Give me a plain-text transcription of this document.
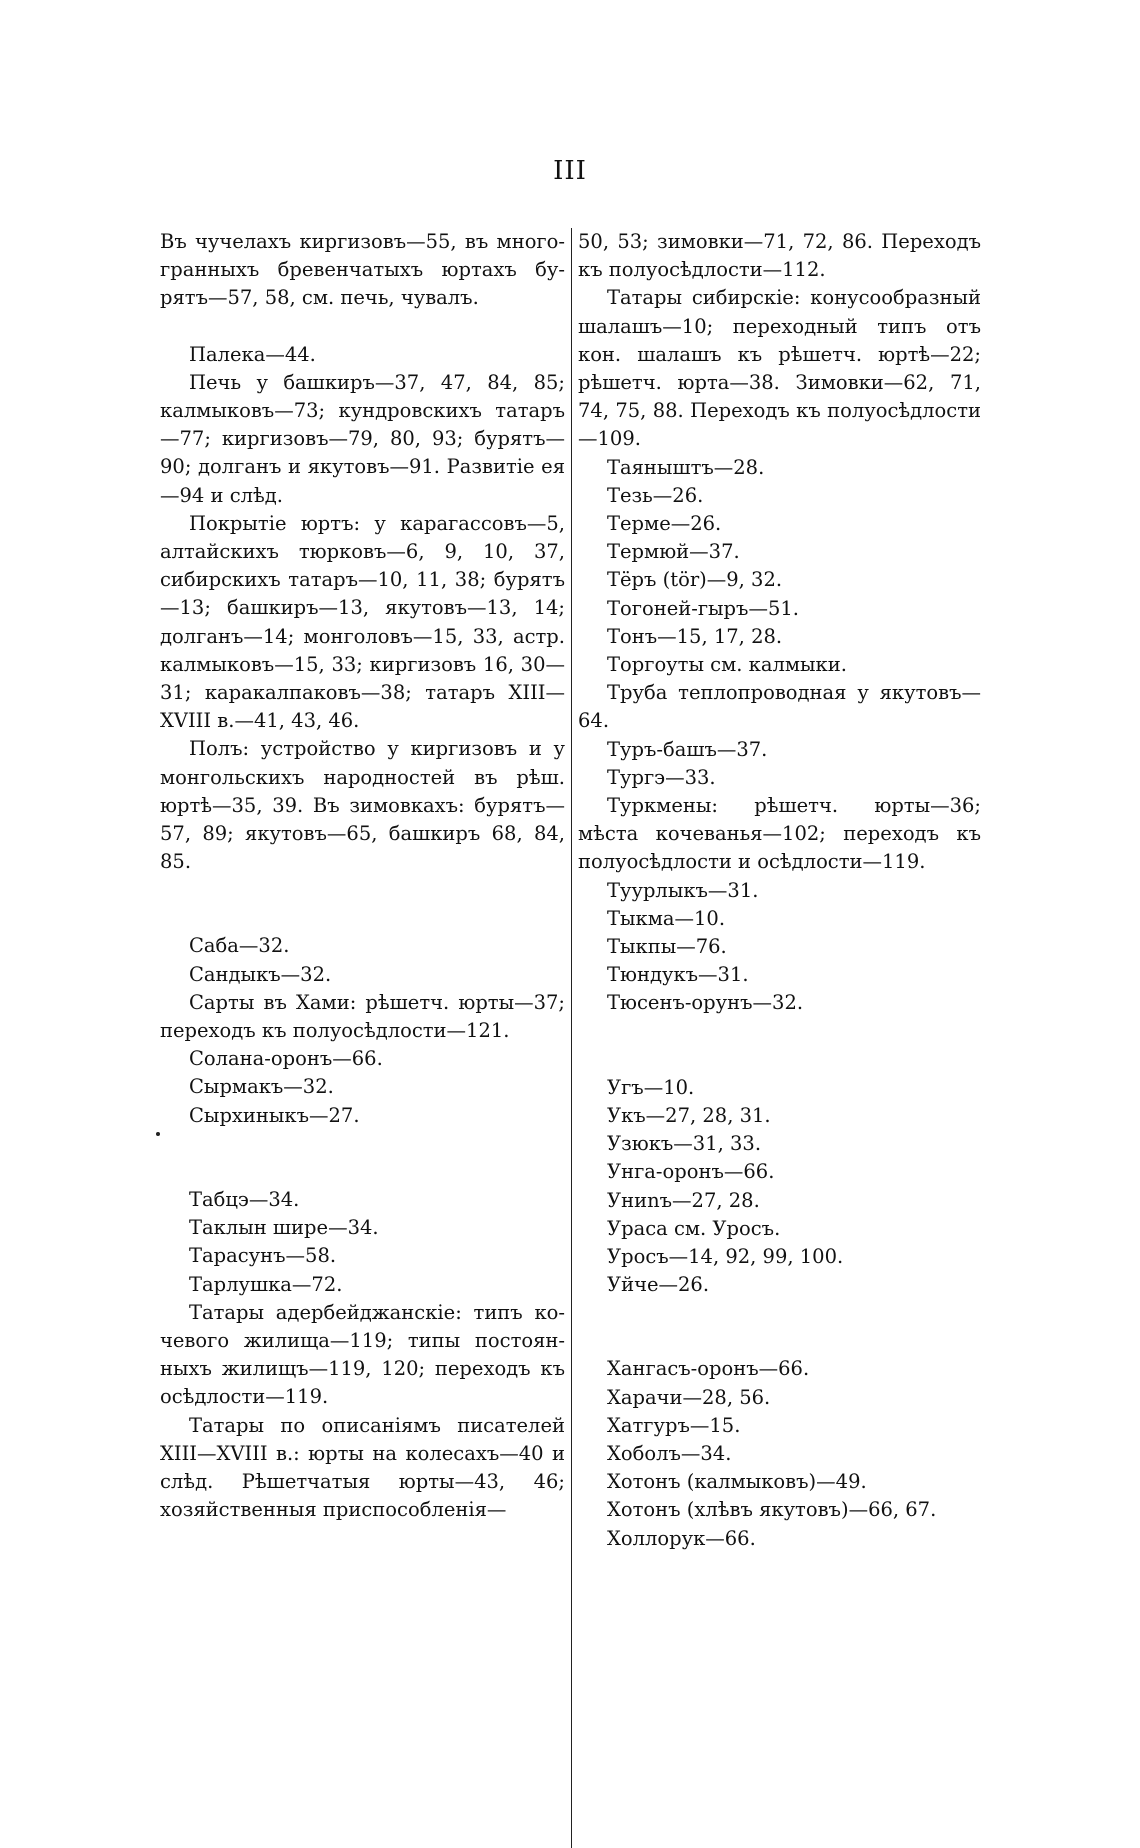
III

Въ чучелахъ киргизовъ—55, въ многогранныхъ бревенчатыхъ юртахъ бурятъ—57, 58, см. печь, чувалъ.

Палека—44.

Печь у башкиръ—37, 47, 84, 85; калмыковъ—73; кундровскихъ татаръ—77; киргизовъ—79, 80, 93; бурятъ—90; долганъ и якутовъ—91. Развитіе ея—94 и слѣд.

Покрытіе юртъ: у карагассовъ—5, алтайскихъ тюрковъ—6, 9, 10, 37, сибирскихъ татаръ—10, 11, 38; бурятъ—13; башкиръ—13, якутовъ—13, 14; долганъ—14; монголовъ—15, 33, астр. калмыковъ—15, 33; киргизовъ 16, 30—31; каракалпаковъ—38; татаръ XIII—XVIII в.—41, 43, 46.

Полъ: устройство у киргизовъ и у монгольскихъ народностей въ рѣш. юртѣ—35, 39. Въ зимовкахъ: бурятъ—57, 89; якутовъ—65, башкиръ 68, 84, 85.

Саба—32.

Сандыкъ—32.

Сарты въ Хами: рѣшетч. юрты—37; переходъ къ полуосѣдлости—121.

Солана-оронъ—66.

Сырмакъ—32.

Сырхиныкъ—27.

Табцэ—34.

Таклын шире—34.

Тарасунъ—58.

Тарлушка—72.

Татары адербейджанскіе: типъ кочевого жилища—119; типы постоянныхъ жилищъ—119, 120; переходъ къ осѣдлости—119.

Татары по описаніямъ писателей XIII—XVIII в.: юрты на колесахъ—40 и слѣд. Рѣшетчатыя юрты—43, 46; хозяйственныя приспособленія—

50, 53; зимовки—71, 72, 86. Переходъ къ полуосѣдлости—112.

Татары сибирскіе: конусообразный шалашъ—10; переходный типъ отъ кон. шалашъ къ рѣшетч. юртѣ—22; рѣшетч. юрта—38. Зимовки—62, 71, 74, 75, 88. Переходъ къ полуосѣдлости—109.

Таяныштъ—28.

Тезь—26.

Терме—26.

Термюй—37.

Тёръ (tör)—9, 32.

Тогоней-гыръ—51.

Тонъ—15, 17, 28.

Торгоуты см. калмыки.

Труба теплопроводная у якутовъ—64.

Туръ-башъ—37.

Тургэ—33.

Туркмены: рѣшетч. юрты—36; мѣста кочеванья—102; переходъ къ полуосѣдлости и осѣдлости—119.

Туурлыкъ—31.

Тыкма—10.

Тыкпы—76.

Тюндукъ—31.

Тюсенъ-орунъ—32.

Угъ—10.

Укъ—27, 28, 31.

Узюкъ—31, 33.

Унга-оронъ—66.

Униnъ—27, 28.

Ураса см. Уросъ.

Уросъ—14, 92, 99, 100.

Уйче—26.

Хангасъ-оронъ—66.

Харачи—28, 56.

Хатгуръ—15.

Хоболъ—34.

Хотонъ (калмыковъ)—49.

Хотонъ (хлѣвъ якутовъ)—66, 67.

Холлорук—66.
